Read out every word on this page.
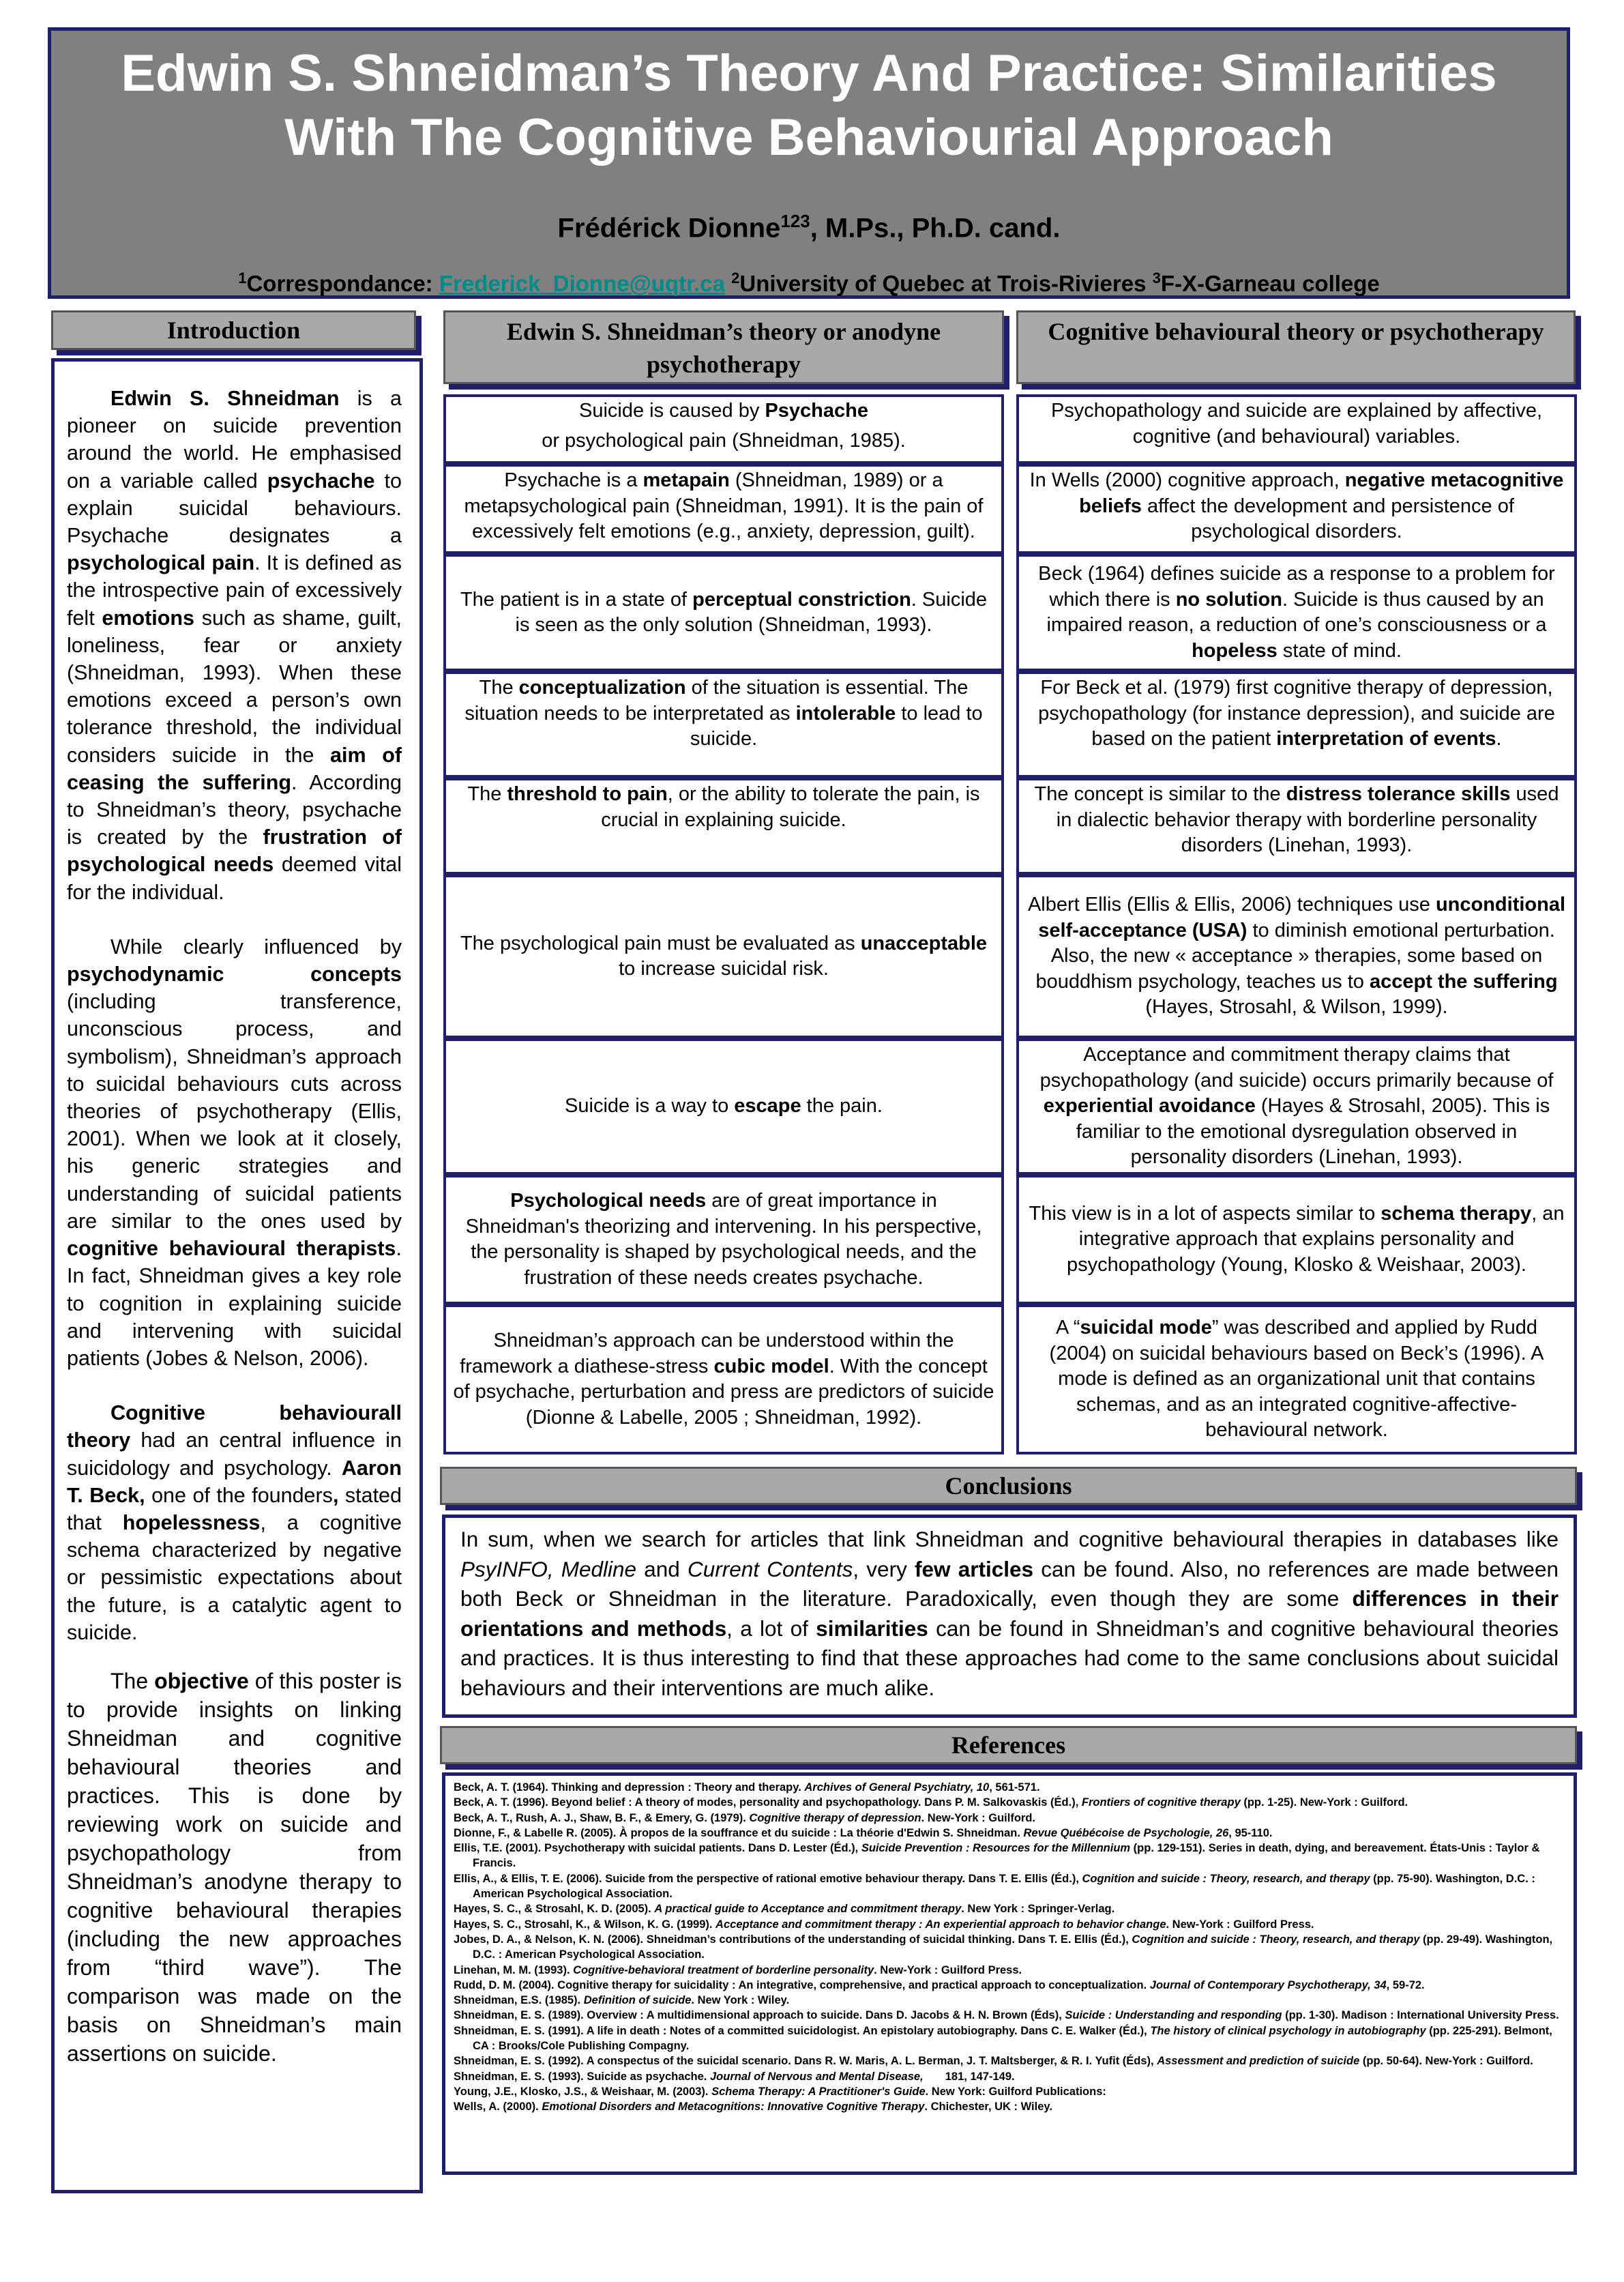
Edwin S. Shneidman’s Theory And Practice: Similarities
With The Cognitive Behaviourial Approach
Frédérick Dionne$^{123}$, M.Ps., Ph.D. cand.
$^1$Correspondance: Frederick_Dionne@uqtr.ca $^2$University of Quebec at Trois-Rivieres $^3$F-X-Garneau college
Introduction

Edwin S. Shneidman is a pioneer on suicide prevention around the world. He emphasised on a variable called psychache to explain suicidal behaviours. Psychache designates a psychological pain. It is defined as the introspective pain of excessively felt emotions such as shame, guilt, loneliness, fear or anxiety (Shneidman, 1993). When these emotions exceed a person’s own tolerance threshold, the individual considers suicide in the aim of ceasing the suffering. According to Shneidman’s theory, psychache is created by the frustration of psychological needs deemed vital for the individual.

While clearly influenced by psychodynamic concepts (including transference, unconscious process, and symbolism), Shneidman’s approach to suicidal behaviours cuts across theories of psychotherapy (Ellis, 2001). When we look at it closely, his generic strategies and understanding of suicidal patients are similar to the ones used by cognitive behavioural therapists. In fact, Shneidman gives a key role to cognition in explaining suicide and intervening with suicidal patients (Jobes & Nelson, 2006).

Cognitive behaviourall theory had an central influence in suicidology and psychology. Aaron T. Beck, one of the founders, stated that hopelessness, a cognitive schema characterized by negative or pessimistic expectations about the future, is a catalytic agent to suicide.

The objective of this poster is to provide insights on linking Shneidman and cognitive behavioural theories and practices. This is done by reviewing work on suicide and psychopathology from Shneidman’s anodyne therapy to cognitive behavioural therapies (including the new approaches from “third wave”). The comparison was made on the basis on Shneidman’s main assertions on suicide.

Edwin S. Shneidman’s theory or anodyne psychotherapy
Cognitive behavioural theory or psychotherapy
Suicide is caused by Psychache
or psychological pain (Shneidman, 1985).
Psychopathology and suicide are explained by affective, cognitive (and behavioural) variables.
Psychache is a metapain (Shneidman, 1989) or a metapsychological pain (Shneidman, 1991). It is the pain of excessively felt emotions (e.g., anxiety, depression, guilt).
In Wells (2000) cognitive approach, negative metacognitive beliefs affect the development and persistence of psychological disorders.
The patient is in a state of perceptual constriction. Suicide is seen as the only solution (Shneidman, 1993).
Beck (1964) defines suicide as a response to a problem for which there is no solution. Suicide is thus caused by an impaired reason, a reduction of one’s consciousness or a hopeless state of mind.
The conceptualization of the situation is essential. The situation needs to be interpretated as intolerable to lead to suicide.
For Beck et al. (1979) first cognitive therapy of depression, psychopathology (for instance depression), and suicide are based on the patient interpretation of events.
The threshold to pain, or the ability to tolerate the pain, is crucial in explaining suicide.
The concept is similar to the distress tolerance skills used in dialectic behavior therapy with borderline personality disorders (Linehan, 1993).
The psychological pain must be evaluated as unacceptable to increase suicidal risk.
Albert Ellis (Ellis & Ellis, 2006) techniques use unconditional self-acceptance (USA) to diminish emotional perturbation. Also, the new « acceptance » therapies, some based on bouddhism psychology, teaches us to accept the suffering (Hayes, Strosahl, & Wilson, 1999).
Suicide is a way to escape the pain.
Acceptance and commitment therapy claims that psychopathology (and suicide) occurs primarily because of experiential avoidance (Hayes & Strosahl, 2005). This is familiar to the emotional dysregulation observed in personality disorders (Linehan, 1993).
Psychological needs are of great importance in Shneidman's theorizing and intervening. In his perspective, the personality is shaped by psychological needs, and the frustration of these needs creates psychache.
This view is in a lot of aspects similar to schema therapy, an integrative approach that explains personality and psychopathology (Young, Klosko & Weishaar, 2003).
Shneidman’s approach can be understood within the framework a diathese-stress cubic model. With the concept of psychache, perturbation and press are predictors of suicide (Dionne & Labelle, 2005 ; Shneidman, 1992).
A “suicidal mode” was described and applied by Rudd (2004) on suicidal behaviours based on Beck’s (1996). A mode is defined as an organizational unit that contains schemas, and as an integrated cognitive-affective-behavioural network.
Conclusions

In sum, when we search for articles that link Shneidman and cognitive behavioural therapies in databases like PsyINFO, Medline and Current Contents, very few articles can be found. Also, no references are made between both Beck or Shneidman in the literature. Paradoxically, even though they are some differences in their orientations and methods, a lot of similarities can be found in Shneidman’s and cognitive behavioural theories and practices. It is thus interesting to find that these approaches had come to the same conclusions about suicidal behaviours and their interventions are much alike.

References
Beck, A. T. (1964). Thinking and depression : Theory and therapy. Archives of General Psychiatry, 10, 561-571.
Beck, A. T. (1996). Beyond belief : A theory of modes, personality and psychopathology. Dans P. M. Salkovaskis (Éd.), Frontiers of cognitive therapy (pp. 1-25). New-York : Guilford.
Beck, A. T., Rush, A. J., Shaw, B. F., & Emery, G. (1979). Cognitive therapy of depression. New-York : Guilford.
Dionne, F., & Labelle R. (2005). À propos de la souffrance et du suicide : La théorie d'Edwin S. Shneidman. Revue Québécoise de Psychologie, 26, 95-110.
Ellis, T.E. (2001). Psychotherapy with suicidal patients. Dans D. Lester (Éd.), Suicide Prevention : Resources for the Millennium (pp. 129-151). Series in death, dying, and bereavement. États-Unis : Taylor & Francis.
Ellis, A., & Ellis, T. E. (2006). Suicide from the perspective of rational emotive behaviour therapy. Dans T. E. Ellis (Éd.), Cognition and suicide : Theory, research, and therapy (pp. 75-90). Washington, D.C. : American Psychological Association.
Hayes, S. C., & Strosahl, K. D. (2005). A practical guide to Acceptance and commitment therapy. New York : Springer-Verlag.
Hayes, S. C., Strosahl, K., & Wilson, K. G. (1999). Acceptance and commitment therapy : An experiential approach to behavior change. New-York : Guilford Press.
Jobes, D. A., & Nelson, K. N. (2006). Shneidman’s contributions of the understanding of suicidal thinking. Dans T. E. Ellis (Éd.), Cognition and suicide : Theory, research, and therapy (pp. 29-49). Washington, D.C. : American Psychological Association.
Linehan, M. M. (1993). Cognitive-behavioral treatment of borderline personality. New-York : Guilford Press.
Rudd, D. M. (2004). Cognitive therapy for suicidality : An integrative, comprehensive, and practical approach to conceptualization. Journal of Contemporary Psychotherapy, 34, 59-72.
Shneidman, E.S. (1985). Definition of suicide. New York : Wiley.
Shneidman, E. S. (1989). Overview : A multidimensional approach to suicide. Dans D. Jacobs & H. N. Brown (Éds), Suicide : Understanding and responding (pp. 1-30). Madison : International University Press.
Shneidman, E. S. (1991). A life in death : Notes of a committed suicidologist. An epistolary autobiography. Dans C. E. Walker (Éd.), The history of clinical psychology in autobiography (pp. 225-291). Belmont, CA : Brooks/Cole Publishing Compagny.
Shneidman, E. S. (1992). A conspectus of the suicidal scenario. Dans R. W. Maris, A. L. Berman, J. T. Maltsberger, & R. I. Yufit (Éds), Assessment and prediction of suicide (pp. 50-64). New-York : Guilford.
Shneidman, E. S. (1993). Suicide as psychache. Journal of Nervous and Mental Disease,       181, 147-149.
Young, J.E., Klosko, J.S., & Weishaar, M. (2003). Schema Therapy: A Practitioner's Guide. New York: Guilford Publications:
Wells, A. (2000). Emotional Disorders and Metacognitions: Innovative Cognitive Therapy. Chichester, UK : Wiley.
